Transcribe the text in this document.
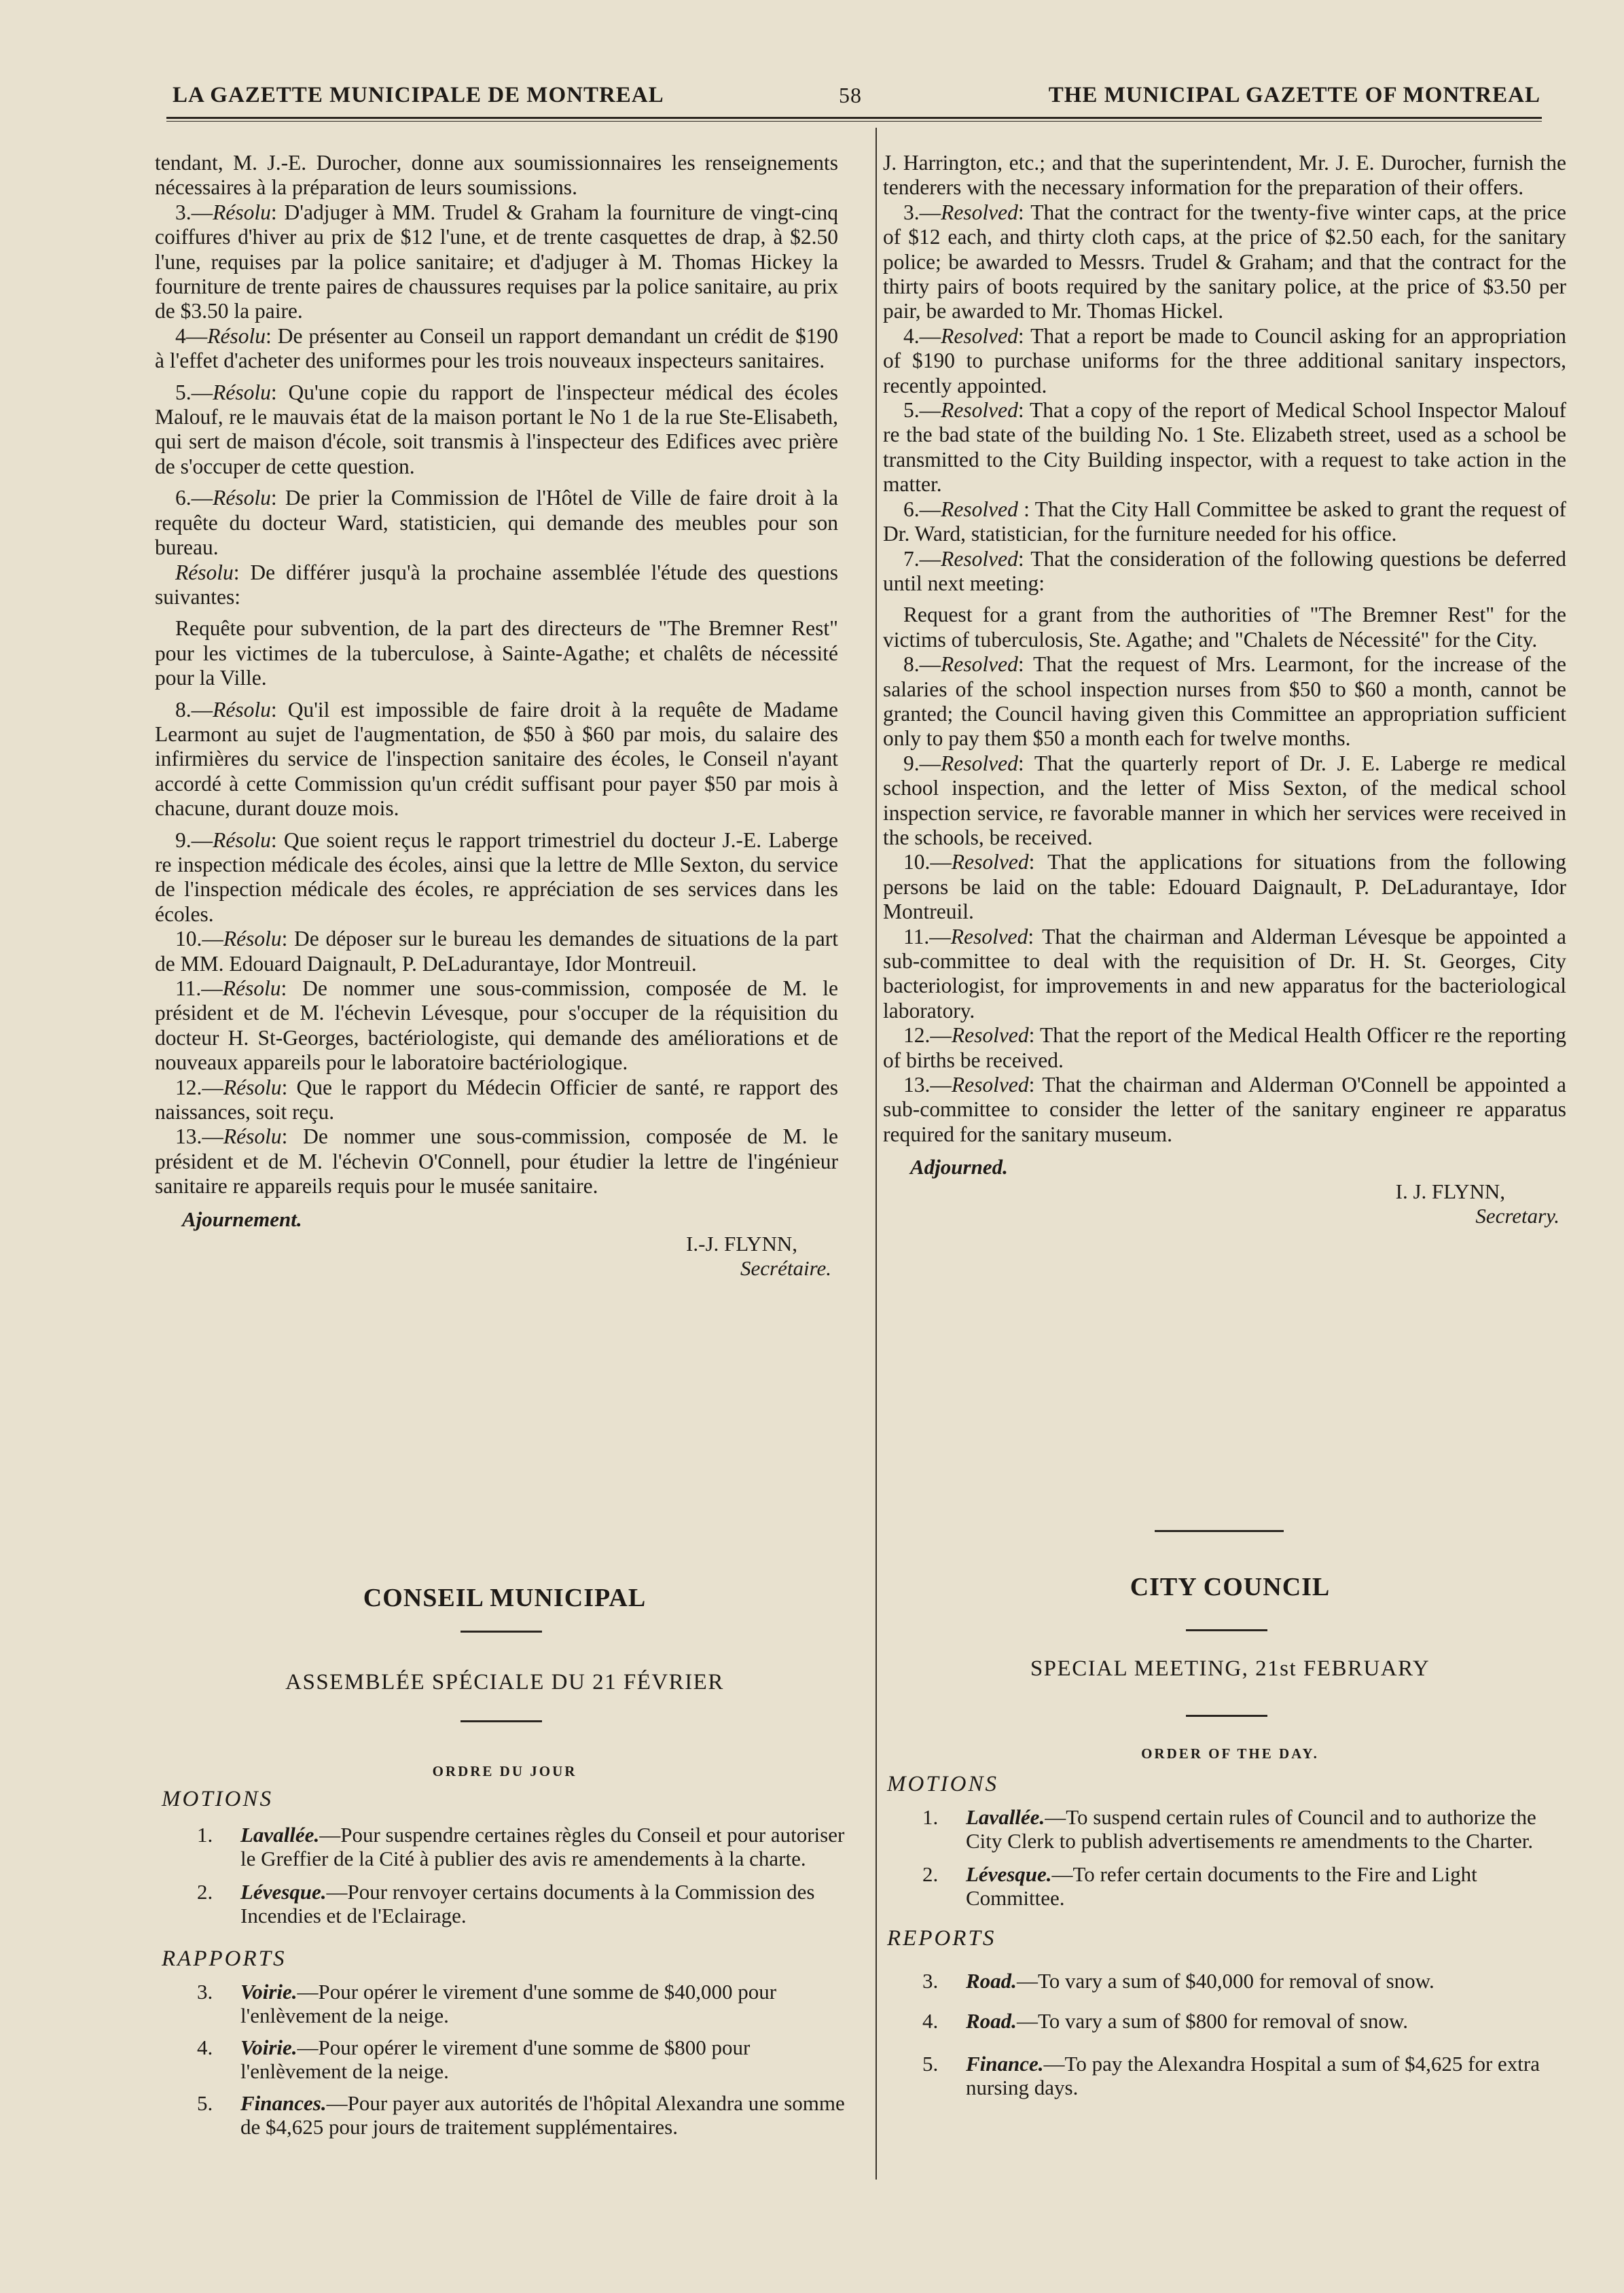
LA GAZETTE MUNICIPALE DE MONTREAL	58	THE MUNICIPAL GAZETTE OF MONTREAL

tendant, M. J.-E. Durocher, donne aux soumissionnaires les renseignements nécessaires à la préparation de leurs soumissions.

3.—Résolu: D'adjuger à MM. Trudel & Graham la fourniture de vingt-cinq coiffures d'hiver au prix de $12 l'une, et de trente casquettes de drap, à $2.50 l'une, requises par la police sanitaire; et d'adjuger à M. Thomas Hickey la fourniture de trente paires de chaussures requises par la police sanitaire, au prix de $3.50 la paire.

4—Résolu: De présenter au Conseil un rapport demandant un crédit de $190 à l'effet d'acheter des uniformes pour les trois nouveaux inspecteurs sanitaires.

5.—Résolu: Qu'une copie du rapport de l'inspecteur médical des écoles Malouf, re le mauvais état de la maison portant le No 1 de la rue Ste-Elisabeth, qui sert de maison d'école, soit transmis à l'inspecteur des Edifices avec prière de s'occuper de cette question.

6.—Résolu: De prier la Commission de l'Hôtel de Ville de faire droit à la requête du docteur Ward, statisticien, qui demande des meubles pour son bureau.

Résolu: De différer jusqu'à la prochaine assemblée l'étude des questions suivantes:

Requête pour subvention, de la part des directeurs de "The Bremner Rest" pour les victimes de la tuberculose, à Sainte-Agathe; et chalêts de nécessité pour la Ville.

8.—Résolu: Qu'il est impossible de faire droit à la requête de Madame Learmont au sujet de l'augmentation, de $50 à $60 par mois, du salaire des infirmières du service de l'inspection sanitaire des écoles, le Conseil n'ayant accordé à cette Commission qu'un crédit suffisant pour payer $50 par mois à chacune, durant douze mois.

9.—Résolu: Que soient reçus le rapport trimestriel du docteur J.-E. Laberge re inspection médicale des écoles, ainsi que la lettre de Mlle Sexton, du service de l'inspection médicale des écoles, re appréciation de ses services dans les écoles.

10.—Résolu: De déposer sur le bureau les demandes de situations de la part de MM. Edouard Daignault, P. DeLadurantaye, Idor Montreuil.

11.—Résolu: De nommer une sous-commission, composée de M. le président et de M. l'échevin Lévesque, pour s'occuper de la réquisition du docteur H. St-Georges, bactériologiste, qui demande des améliorations et de nouveaux appareils pour le laboratoire bactériologique.

12.—Résolu: Que le rapport du Médecin Officier de santé, re rapport des naissances, soit reçu.

13.—Résolu: De nommer une sous-commission, composée de M. le président et de M. l'échevin O'Connell, pour étudier la lettre de l'ingénieur sanitaire re appareils requis pour le musée sanitaire.

Ajournement.
I.-J. FLYNN,
Secrétaire.

J. Harrington, etc.; and that the superintendent, Mr. J. E. Durocher, furnish the tenderers with the necessary information for the preparation of their offers.

3.—Resolved: That the contract for the twenty-five winter caps, at the price of $12 each, and thirty cloth caps, at the price of $2.50 each, for the sanitary police; be awarded to Messrs. Trudel & Graham; and that the contract for the thirty pairs of boots required by the sanitary police, at the price of $3.50 per pair, be awarded to Mr. Thomas Hickel.

4.—Resolved: That a report be made to Council asking for an appropriation of $190 to purchase uniforms for the three additional sanitary inspectors, recently appointed.

5.—Resolved: That a copy of the report of Medical School Inspector Malouf re the bad state of the building No. 1 Ste. Elizabeth street, used as a school be transmitted to the City Building inspector, with a request to take action in the matter.

6.—Resolved : That the City Hall Committee be asked to grant the request of Dr. Ward, statistician, for the furniture needed for his office.

7.—Resolved: That the consideration of the following questions be deferred until next meeting:

Request for a grant from the authorities of "The Bremner Rest" for the victims of tuberculosis, Ste. Agathe; and "Chalets de Nécessité" for the City.

8.—Resolved: That the request of Mrs. Learmont, for the increase of the salaries of the school inspection nurses from $50 to $60 a month, cannot be granted; the Council having given this Committee an appropriation sufficient only to pay them $50 a month each for twelve months.

9.—Resolved: That the quarterly report of Dr. J. E. Laberge re medical school inspection, and the letter of Miss Sexton, of the medical school inspection service, re favorable manner in which her services were received in the schools, be received.

10.—Resolved: That the applications for situations from the following persons be laid on the table: Edouard Daignault, P. DeLadurantaye, Idor Montreuil.

11.—Resolved: That the chairman and Alderman Lévesque be appointed a sub-committee to deal with the requisition of Dr. H. St. Georges, City bacteriologist, for improvements in and new apparatus for the bacteriological laboratory.

12.—Resolved: That the report of the Medical Health Officer re the reporting of births be received.

13.—Resolved: That the chairman and Alderman O'Connell be appointed a sub-committee to consider the letter of the sanitary engineer re apparatus required for the sanitary museum.

Adjourned.
I. J. FLYNN,
Secretary.
CONSEIL MUNICIPAL
ASSEMBLÉE SPÉCIALE DU 21 FÉVRIER
ORDRE DU JOUR
MOTIONS
1. Lavallée.—Pour suspendre certaines règles du Conseil et pour autoriser le Greffier de la Cité à publier des avis re amendements à la charte.
2. Lévesque.—Pour renvoyer certains documents à la Commission des Incendies et de l'Eclairage.
RAPPORTS
3. Voirie.—Pour opérer le virement d'une somme de $40,000 pour l'enlèvement de la neige.
4. Voirie.—Pour opérer le virement d'une somme de $800 pour l'enlèvement de la neige.
5. Finances.—Pour payer aux autorités de l'hôpital Alexandra une somme de $4,625 pour jours de traitement supplémentaires.
CITY COUNCIL
SPECIAL MEETING, 21st FEBRUARY
ORDER OF THE DAY.
MOTIONS
1. Lavallée.—To suspend certain rules of Council and to authorize the City Clerk to publish advertisements re amendments to the Charter.
2. Lévesque.—To refer certain documents to the Fire and Light Committee.
REPORTS
3. Road.—To vary a sum of $40,000 for removal of snow.
4. Road.—To vary a sum of $800 for removal of snow.
5. Finance.—To pay the Alexandra Hospital a sum of $4,625 for extra nursing days.
